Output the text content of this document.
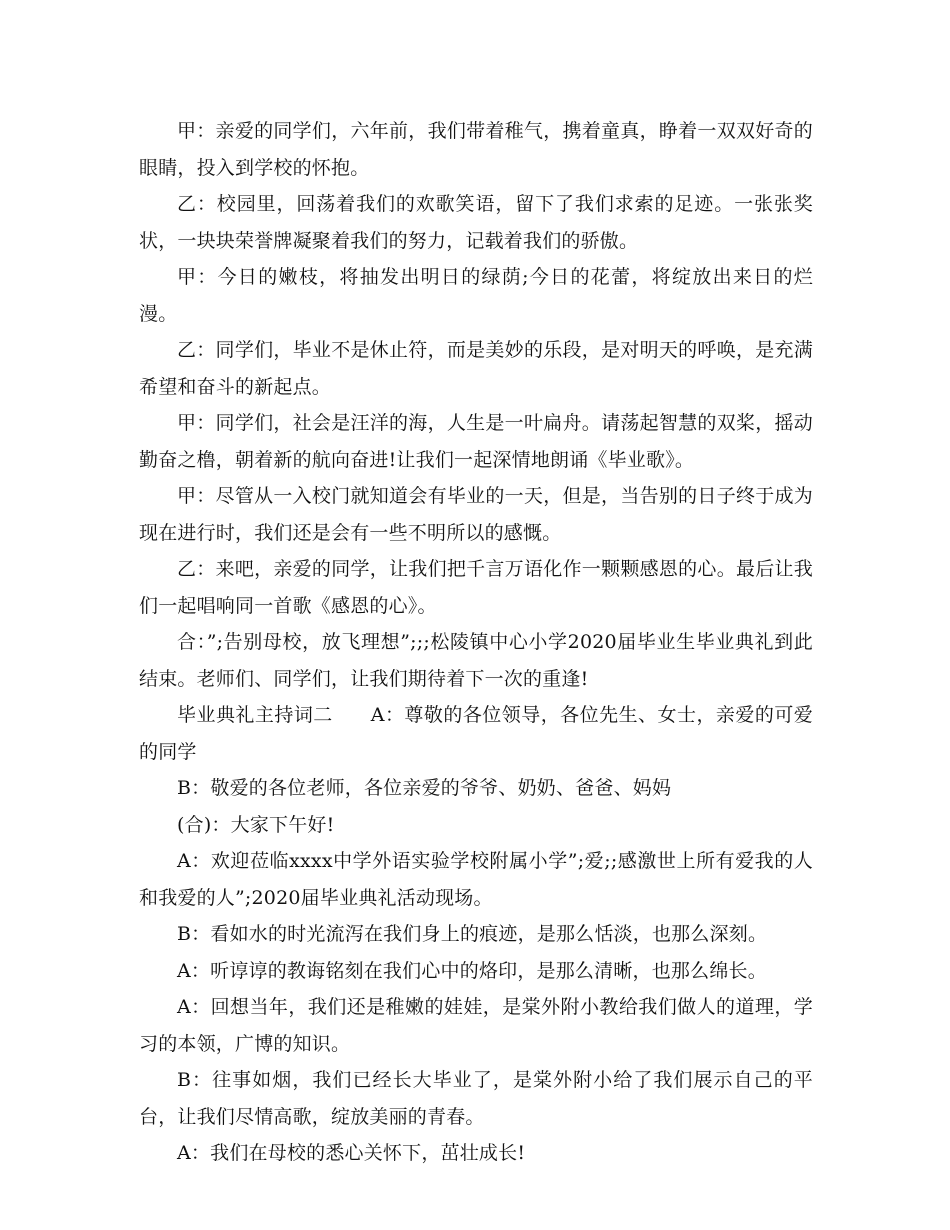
甲：亲爱的同学们，六年前，我们带着稚气，携着童真，睁着一双双好奇的眼睛，投入到学校的怀抱。

乙：校园里，回荡着我们的欢歌笑语，留下了我们求索的足迹。一张张奖状，一块块荣誉牌凝聚着我们的努力，记载着我们的骄傲。

甲：今日的嫩枝，将抽发出明日的绿荫;今日的花蕾，将绽放出来日的烂漫。

乙：同学们，毕业不是休止符，而是美妙的乐段，是对明天的呼唤，是充满希望和奋斗的新起点。

甲：同学们，社会是汪洋的海，人生是一叶扁舟。请荡起智慧的双桨，摇动勤奋之橹，朝着新的航向奋进!让我们一起深情地朗诵《毕业歌》。

甲：尽管从一入校门就知道会有毕业的一天，但是，当告别的日子终于成为现在进行时，我们还是会有一些不明所以的感慨。

乙：来吧，亲爱的同学，让我们把千言万语化作一颗颗感恩的心。最后让我们一起唱响同一首歌《感恩的心》。

合：”;告别母校，放飞理想”;;;松陵镇中心小学2020届毕业生毕业典礼到此结束。老师们、同学们，让我们期待着下一次的重逢!

毕业典礼主持词二 A：尊敬的各位领导，各位先生、女士，亲爱的可爱的同学

B：敬爱的各位老师，各位亲爱的爷爷、奶奶、爸爸、妈妈

(合)：大家下午好!

A：欢迎莅临xxxx中学外语实验学校附属小学”;爱;;感激世上所有爱我的人和我爱的人”;2020届毕业典礼活动现场。

B：看如水的时光流泻在我们身上的痕迹，是那么恬淡，也那么深刻。

A：听谆谆的教诲铭刻在我们心中的烙印，是那么清晰，也那么绵长。

A：回想当年，我们还是稚嫩的娃娃，是棠外附小教给我们做人的道理，学习的本领，广博的知识。

B：往事如烟，我们已经长大毕业了，是棠外附小给了我们展示自己的平台，让我们尽情高歌，绽放美丽的青春。

A：我们在母校的悉心关怀下，茁壮成长!
